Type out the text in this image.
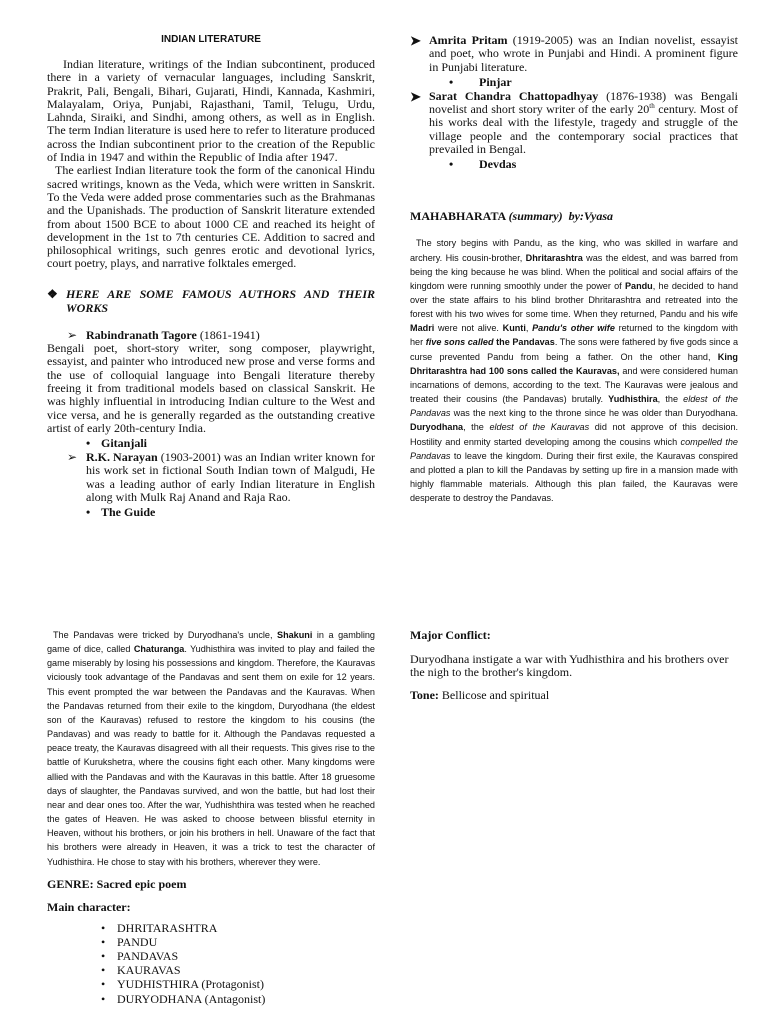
INDIAN LITERATURE

Indian literature, writings of the Indian subcontinent, produced there in a variety of vernacular languages, including Sanskrit, Prakrit, Pali, Bengali, Bihari, Gujarati, Hindi, Kannada, Kashmiri, Malayalam, Oriya, Punjabi, Rajasthani, Tamil, Telugu, Urdu, Lahnda, Siraiki, and Sindhi, among others, as well as in English. The term Indian literature is used here to refer to literature produced across the Indian subcontinent prior to the creation of the Republic of India in 1947 and within the Republic of India after 1947.

The earliest Indian literature took the form of the canonical Hindu sacred writings, known as the Veda, which were written in Sanskrit. To the Veda were added prose commentaries such as the Brahmanas and the Upanishads. The production of Sanskrit literature extended from about 1500 BCE to about 1000 CE and reached its height of development in the 1st to 7th centuries CE. Addition to sacred and philosophical writings, such genres erotic and devotional lyrics, court poetry, plays, and narrative folktales emerged.

❖ HERE ARE SOME FAMOUS AUTHORS AND THEIR WORKS
➢ Rabindranath Tagore (1861-1941)

Bengali poet, short-story writer, song composer, playwright, essayist, and painter who introduced new prose and verse forms and the use of colloquial language into Bengali literature thereby freeing it from traditional models based on classical Sanskrit. He was highly influential in introducing Indian culture to the West and vice versa, and he is generally regarded as the outstanding creative artist of early 20th-century India.

• Gitanjali
➢ R.K. Narayan (1903-2001) was an Indian writer known for his work set in fictional South Indian town of Malgudi, He was a leading author of early Indian literature in English along with Mulk Raj Anand and Raja Rao.
• The Guide
➤ Amrita Pritam (1919-2005) was an Indian novelist, essayist and poet, who wrote in Punjabi and Hindi. A prominent figure in Punjabi literature.
• Pinjar
➤ Sarat Chandra Chattopadhyay (1876-1938) was Bengali novelist and short story writer of the early 20th century. Most of his works deal with the lifestyle, tragedy and struggle of the village people and the contemporary social practices that prevailed in Bengal.
• Devdas
MAHABHARATA (summary) by:Vyasa

The story begins with Pandu, as the king, who was skilled in warfare and archery. His cousin-brother, Dhritarashtra was the eldest, and was barred from being the king because he was blind. When the political and social affairs of the kingdom were running smoothly under the power of Pandu, he decided to hand over the state affairs to his blind brother Dhritarashtra and retreated into the forest with his two wives for some time. When they returned, Pandu and his wife Madri were not alive. Kunti, Pandu's other wife returned to the kingdom with her five sons called the Pandavas. The sons were fathered by five gods since a curse prevented Pandu from being a father. On the other hand, King Dhritarashtra had 100 sons called the Kauravas, and were considered human incarnations of demons, according to the text. The Kauravas were jealous and treated their cousins (the Pandavas) brutally. Yudhisthira, the eldest of the Pandavas was the next king to the throne since he was older than Duryodhana. Duryodhana, the eldest of the Kauravas did not approve of this decision. Hostility and enmity started developing among the cousins which compelled the Pandavas to leave the kingdom. During their first exile, the Kauravas conspired and plotted a plan to kill the Pandavas by setting up fire in a mansion made with highly flammable materials. Although this plan failed, the Kauravas were desperate to destroy the Pandavas.

The Pandavas were tricked by Duryodhana's uncle, Shakuni in a gambling game of dice, called Chaturanga. Yudhisthira was invited to play and failed the game miserably by losing his possessions and kingdom. Therefore, the Kauravas viciously took advantage of the Pandavas and sent them on exile for 12 years. This event prompted the war between the Pandavas and the Kauravas. When the Pandavas returned from their exile to the kingdom, Duryodhana (the eldest son of the Kauravas) refused to restore the kingdom to his cousins (the Pandavas) and was ready to battle for it. Although the Pandavas requested a peace treaty, the Kauravas disagreed with all their requests. This gives rise to the battle of Kurukshetra, where the cousins fight each other. Many kingdoms were allied with the Pandavas and with the Kauravas in this battle. After 18 gruesome days of slaughter, the Pandavas survived, and won the battle, but had lost their near and dear ones too. After the war, Yudhishthira was tested when he reached the gates of Heaven. He was asked to choose between blissful eternity in Heaven, without his brothers, or join his brothers in hell. Unaware of the fact that his brothers were already in Heaven, it was a trick to test the character of Yudhisthira. He chose to stay with his brothers, wherever they were.

GENRE: Sacred epic poem

Main character:

• DHRITARASHTRA
• PANDU
• PANDAVAS
• KAURAVAS
• YUDHISTHIRA (Protagonist)
• DURYODHANA (Antagonist)

Major Conflict:

Duryodhana instigate a war with Yudhisthira and his brothers over the nigh to the brother's kingdom.

Tone: Bellicose and spiritual
